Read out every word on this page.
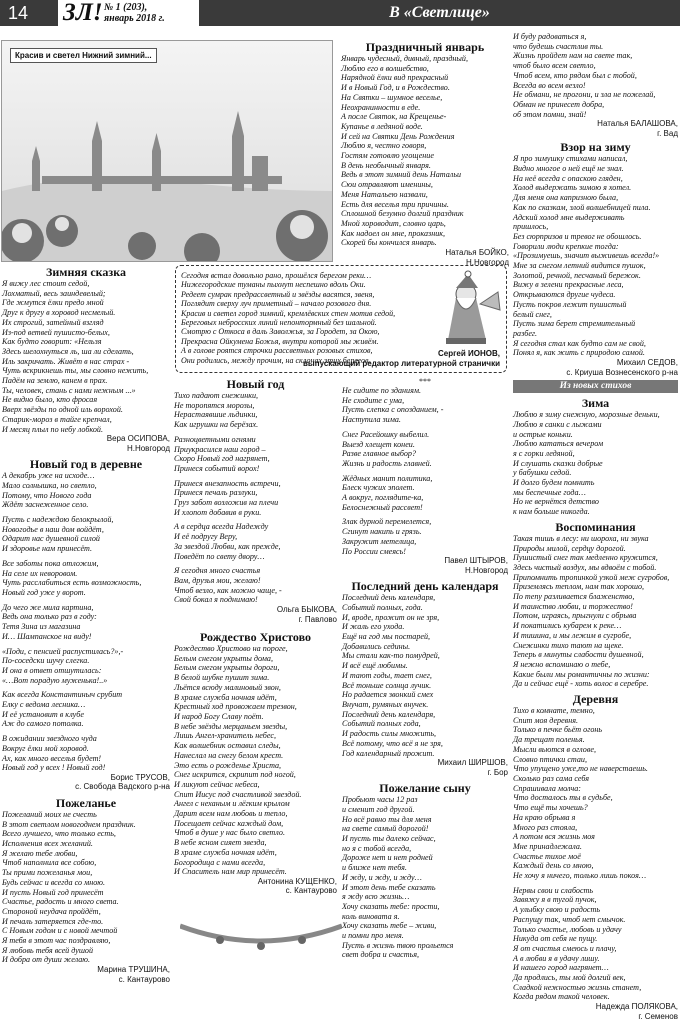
14	ЗЛ! № 1 (203),
январь 2018 г.	В «Светлице»
Красив и светел Нижний зимний...

Зимняя сказка

Я вижу лес стоит седой,
Лохматый, весь заиндевелый;
Где жмутся ёлки предо мной
Друг к другу в хоровод несмелый.
Их строгий, затейный взгляд
Из-под ветвей пушисто-белых,
Как будто говорит: «Нельзя
Здесь шелохнуться ль, ша ли сделать,
Иль закричать. Живёт в нас страх -
Чуть вскрикнешь ты, мы словно нежить,
Падём на землю, канем в прах.
Ты, человек, стань с нами нежным ...»
Не видно было, кто фросая
Вверх звёзды по одной иль ворохой.
Старик-мороз в тайге крепчал,
И месяц плыл по небу лобкой.

Вера ОСИПОВА,

Н.Новгород

Новый год в деревне

А декабрь уже на исходе…
Мало солнышка, но светло,
Потому, что Нового года
Ждёт заснеженное село.
Пусть с надеждою белокрылой,
Новогодье в наш дом войдёт,
Одарит нас душевной силой
И здоровье нам принесёт.
Все заботы пока отложим,
На селе их неворовом.
Чуть расслабиться есть возможность,
Новый год уже у ворот.
До чего же мила картина,
Ведь она только раз в году:
Тетя Зина из магазина
И… Шампанское на виду!
«Поди, с пенсией распустилась?»,-
По-соседски шучу слегка.
И она в ответ отшутилась:
«…Вот порадую муженька!..»
Как всегда Константиныч срубит
Елку с ведома лесника…
И её установит в клубе
Аж до самого потолка.
В ожидании звездного чуда
Вокруг ёлки мой хоровод.
Ах, как много веселья будет!
Новый год у всех ! Новый год!

Борис ТРУСОВ,

с. Свобода Вадского р-на

Пожеланье

Пожеланий моих не счесть
В этот светлом новогоднем праздник.
Всего лучшего, что только есть,
Исполнения всех желаний.
Я желаю тебе любви,
Чтоб наполнила все собою,
Ты прими пожеланья мои,
Будь сейчас и всегда со мною.
И пусть Новый год принесёт
Счастье, радость и много света.
Стороной неудача пройдёт,
И печаль затеряется где-то.
С Новым годом и с новой мечтой
Я тебя в этот час поздравляю,
Я любовь тебя всей душой
И добра от души желаю.

Марина ТРУШИНА,

с. Кантаурово

Праздничный январь

Январь чудесный, дивный, праздный,
Люблю его в волшебство,
Нарядной ёлки вид прекрасный
И в Новый Год, и в Рождество.
На Святки – шумное веселье,
Неохранинности в еде.
А после Святок, на Крещенье-
Купанье в ледяной воде.
И сей на Святки День Рождения
Люблю я, честно говоря,
Гостям готовлю угощение
В день необычный января.
Ведь в этот зимний день Натальи
Сюи отравляют именины,
Меня Натальею назвали,
Есть для веселья три причины.
Сплошной безумно долгий праздник
Мной хороводит, словно царь,
Как надоел он мне, проказник,
Скорей бы кончился январь.

Наталья БОЙКО,

Н.Новгород

Сегодня встал довольно рано, прошёлся берегом реки…
Нижегородские туманы пыхнут неспешно вдоль Оки.
Редеет сумрак предрассветный и звёзды васятся, звеня,
Поглядит сверху луч приметный – начало розового дня.
Красив и светел город зимний, кремлёвских стен мотив седой,
Береговых небросских линий непонтормный без шальной.
Смотрю с Откоса в даль Заволжья, за Городет, за Окою,
Прекрасна Ойкумена Божья, внутри которой мы живём.
А в голове роятся строчки рассветных розовых стихов,
Они родились, между прочим, на склонах этих берегов.
Сергей ИОНОВ,
выпускающий редактор литературной странички

Новый год

Тихо падают снежинки,
Не торопятся морозы,
Нерастаявшие льдинки,
Как игрушки на берёзах.
Разноцветными огнями
Приукрасился наш город –
Скоро Новый год нагрянет,
Принеся событий ворох!
Принеся внезапность встречи,
Принеся печаль разлуки,
Груз забот возложив на плечи
И хлопот добавив в руки.
А в сердца всегда Надежду
И её подругу Веру,
За звездой Любви, как прежде,
Поведёт по свету двору…
Я сегодня много счастья
Вам, друзья мои, желаю!
Чтоб везло, как можно чаще, -
Свой бокал я поднимаю!

Ольга БЫКОВА,

г. Павлово

Рождество Христово

Рождество Христово на пороге,
Белым снегом укрыты дома,
Белым снегом укрыты дороги,
В белой шубке пушит зима.
Льётся всюду малиновый звон,
В храме служба ночная идёт,
Крестный ход провожаем трезвон,
И народ Богу Славу поёт.
В небе звёзды мерцаньем звезды,
Лишь Ангел-хранитель небес,
Как волшебник оставил следы,
Нанеслал на снегу белом крест.
Это есть о рожденье Христа,
Снег искрится, скрипит под ногой,
И ликуют сейчас небеса,
Спит Иисус под счастливой звездой.
Ангел с неханым и лёгким крылом
Дарит всем нам любовь и тепло,
Посещает сейчас каждый дом,
Чтоб в душе у нас было светло.
В небе ясном сияет звезда,
В храме служба ночная идёт,
Богородица с нами всегда,
И Спаситель нам мир принесёт.

Антонина КУЩЕНКО,

с. Кантаурово

***
Не сидите по зданиям.
Не сходите с ума,
Пусть слепка с опозданием, -
Наступила зима.
Снег Расейошку выбелил.
Выезд хлещет конеи.
Разве главное выбор?
Жизнь и радость главней.
Жёдных манит политика,
Блеск чужих эполет.
А вокруг, поглядите-ка,
Белоснежный рассвет!
Злак дурной перемелется,
Сгинут накипь и грязь.
Закружит метелица,
По России смеясь!

Павел ШТЫРОВ,

Н.Новгород

Последний день календаря

Последний день календаря,
Событий полных, года.
И, вроде, прожит он не зря,
И жаль его ухода.
Ещё на год мы постарей,
Добавились седины.
Мы стали как-то помудрей,
И всё ещё любимы.
И тают годы, тает снег,
Всё тоньше солнца лучик.
Но радается звонкий смех
Внучат, румяных внучек.
Последний день календаря,
Событий полных года,
И радость силы множить,
Всё потому, что всё я не зря,
Год календарный прожит.

Михаил ШИРШОВ,

г. Бор

Пожелание сыну

Пробьют часы 12 раз
и сменит год другой.
Но всё равно ты для меня
на свете самый дорогой!
И пусть ты далеко сейчас,
но я с тобой всегда,
Дороже нет и нет родней
и ближе нет тебя.
И жду, и жду, и жду…
И этот день тебе сказать
я жду всю жизнь…
Хочу сказать тебе: прости,
коль виновата я.
Хочу сказать тебе – живи,
и помни про меня.
Пусть в жизнь твою прольется
свет добра и счастья,
И буду радоваться я,
что будешь счастлив ты.
Жизнь пройдет нам на свете так,
чтоб было всем светло,
Чтоб всем, кто рядом был с тобой,
Всегда во всем везло!
Не обмани, не прогони, и зла не пожелай,
Обман не принесет добра,
об этом помни, знай!

Наталья БАЛАШОВА,

г. Вад

Взор на зиму

Я про зимушку стихами написал,
Видно многое о ней ещё не знал.
На неё всегда с опаскою гляден,
Холод выдержать зимою я хотел.
Для меня она капризною была,
Как по сказкам, злой волшебницей пила.
Адский холод мне выдерживать
пришлось,
Без сюрпризов и тревог не обошлось.
Говорили люди крепкие тогда:
«Прозимуешь, значит выживешь всегда!»
Мне за снегом летний видится пушок,
Золотой, речной, песчаный бережок.
Вижу в зелени прекрасные леса,
Открываются другие чудеса.
Пусть покров лежит пушистый
белый снег,
Пусть зима берет стремительный
разбег.
Я сегодня стал как будто сам не свой,
Понял я, как жить с природою самой.

Михаил СЕДОВ,

с. Криуша Вознесенского р-на

Из новых стихов

Зима

Люблю я зиму снежную, морозные деньки,
Люблю я санки с лыжами
и острые коньки.
Люблю кататься вечером
я с горки ледяной,
И слушать сказки добрые
у бабушки седой.
И долго будем помнить
мы беспечные года…
Но не вернётся детство
к нам больше никогда.

Воспоминания

Такая тишь в лесу: ни шороха, ни звука
Природы милой, сердцу дорогой.
Пушистый снег так медленно кружится,
Здесь чистый воздух, мы вдвоём с тобой.
Припомнить тропинкой узкой меж сугробов,
Приземлясь теплом, нам так хорошо,
По тепу разливается блаженство,
И таинство любви, и торжество!
Потом, играясь, прыгнули с обрыва
И покатились кубарем к реке…
И тишина, и мы лежим в сугробе,
Снежинки тихо тают на щеке.
Теперь в минуты слабости душевной,
Я нежно вспоминаю о тебе,
Какие были мы романтичны по жизни:
Да и сейчас ещё - хоть волос в серебре.

Деревня

Тихо в комнате, темно,
Спит моя деревня.
Только в печке бьёт огонь
Да трещат поленья.
Мысли вьются в оглове,
Словно птички стаи,
Что упущено уже,то не наверстаешь.
Сколько раз сама себя
Спрашивала молча:
Что досталось ты в судьбе,
Что ещё ты хочешь?
На краю обрыва я
Много раз стояла,
А потом вся жизнь моя
Мне принадлежала.
Счастье тихое моё
Каждый день со мною,
Не хочу я ничего, только лишь покоя…
Нервы свои и слабость
Завяжу я в тугой пучок,
А улыбку свою и радость
Распущу так, чтоб нет смычок.
Только счастье, любовь и удачу
Никуда от себя не пущу.
Я от счастья смеюсь и плачу,
А в любви я в удачу лишу.
И нашего город нагрянет…
Да продлись, ты мой долгий век,
Сладкой нежностью жизнь станет,
Когда рядом такой человек.

Надежда ПОЛЯКОВА,

г. Семенов
